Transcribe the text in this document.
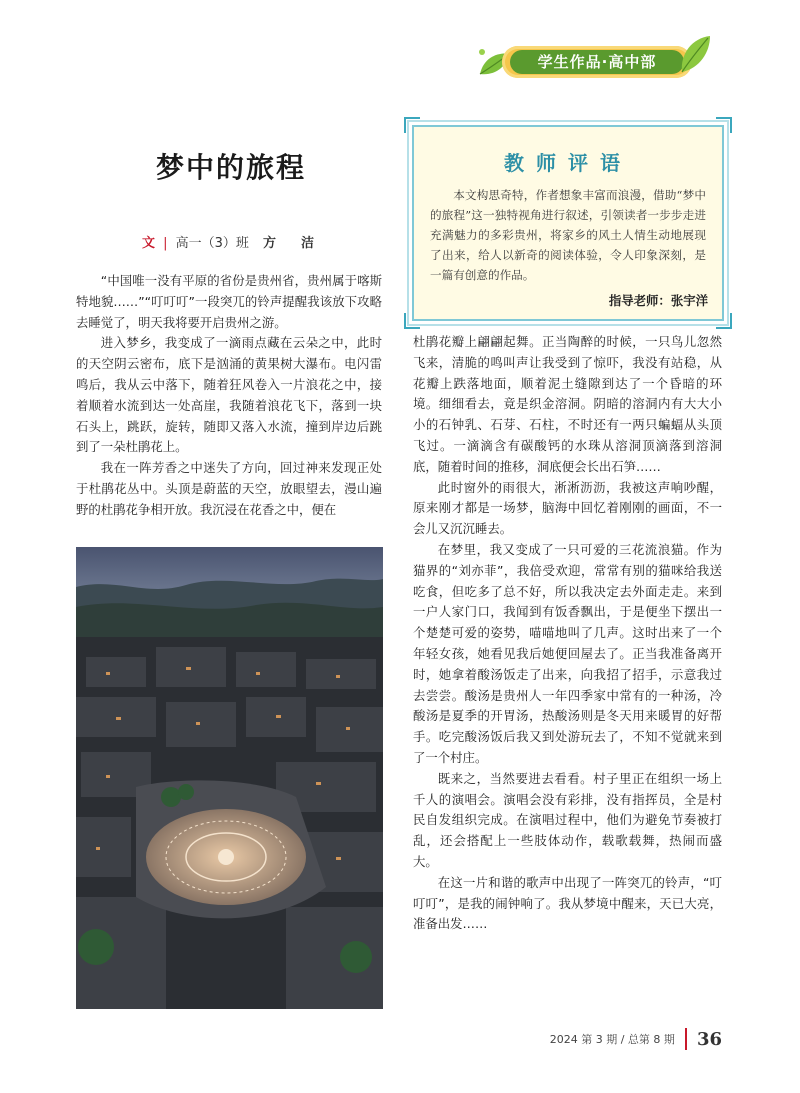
学生作品·高中部
梦中的旅程
文 | 高一（3）班 方　洁

“中国唯一没有平原的省份是贵州省，贵州属于喀斯特地貌……”“叮叮叮”一段突兀的铃声提醒我该放下攻略去睡觉了，明天我将要开启贵州之游。

进入梦乡，我变成了一滴雨点藏在云朵之中，此时的天空阴云密布，底下是汹涌的黄果树大瀑布。电闪雷鸣后，我从云中落下，随着狂风卷入一片浪花之中，接着顺着水流到达一处高崖，我随着浪花飞下，落到一块石头上，跳跃，旋转，随即又落入水流，撞到岸边后跳到了一朵杜鹃花上。

我在一阵芳香之中迷失了方向，回过神来发现正处于杜鹃花丛中。头顶是蔚蓝的天空，放眼望去，漫山遍野的杜鹃花争相开放。我沉浸在花香之中，便在

教师评语
本文构思奇特，作者想象丰富而浪漫，借助“梦中的旅程”这一独特视角进行叙述，引领读者一步步走进充满魅力的多彩贵州，将家乡的风土人情生动地展现了出来，给人以新奇的阅读体验，令人印象深刻，是一篇有创意的作品。
指导老师：张宇洋

杜鹃花瓣上翩翩起舞。正当陶醉的时候，一只鸟儿忽然飞来，清脆的鸣叫声让我受到了惊吓，我没有站稳，从花瓣上跌落地面，顺着泥土缝隙到达了一个昏暗的环境。细细看去，竟是织金溶洞。阴暗的溶洞内有大大小小的石钟乳、石芽、石柱，不时还有一两只蝙蝠从头顶飞过。一滴滴含有碳酸钙的水珠从溶洞顶滴落到溶洞底，随着时间的推移，洞底便会长出石笋……

此时窗外的雨很大，淅淅沥沥，我被这声响吵醒，原来刚才都是一场梦，脑海中回忆着刚刚的画面，不一会儿又沉沉睡去。

在梦里，我又变成了一只可爱的三花流浪猫。作为猫界的“刘亦菲”，我倍受欢迎，常常有别的猫咪给我送吃食，但吃多了总不好，所以我决定去外面走走。来到一户人家门口，我闻到有饭香飘出，于是便坐下摆出一个楚楚可爱的姿势，喵喵地叫了几声。这时出来了一个年轻女孩，她看见我后她便回屋去了。正当我准备离开时，她拿着酸汤饭走了出来，向我招了招手，示意我过去尝尝。酸汤是贵州人一年四季家中常有的一种汤，冷酸汤是夏季的开胃汤，热酸汤则是冬天用来暖胃的好帮手。吃完酸汤饭后我又到处游玩去了，不知不觉就来到了一个村庄。

既来之，当然要进去看看。村子里正在组织一场上千人的演唱会。演唱会没有彩排，没有指挥员，全是村民自发组织完成。在演唱过程中，他们为避免节奏被打乱，还会搭配上一些肢体动作，载歌载舞，热闹而盛大。

在这一片和谐的歌声中出现了一阵突兀的铃声，“叮叮叮”，是我的闹钟响了。我从梦境中醒来，天已大亮，准备出发……

2024 第 3 期 / 总第 8 期 36
